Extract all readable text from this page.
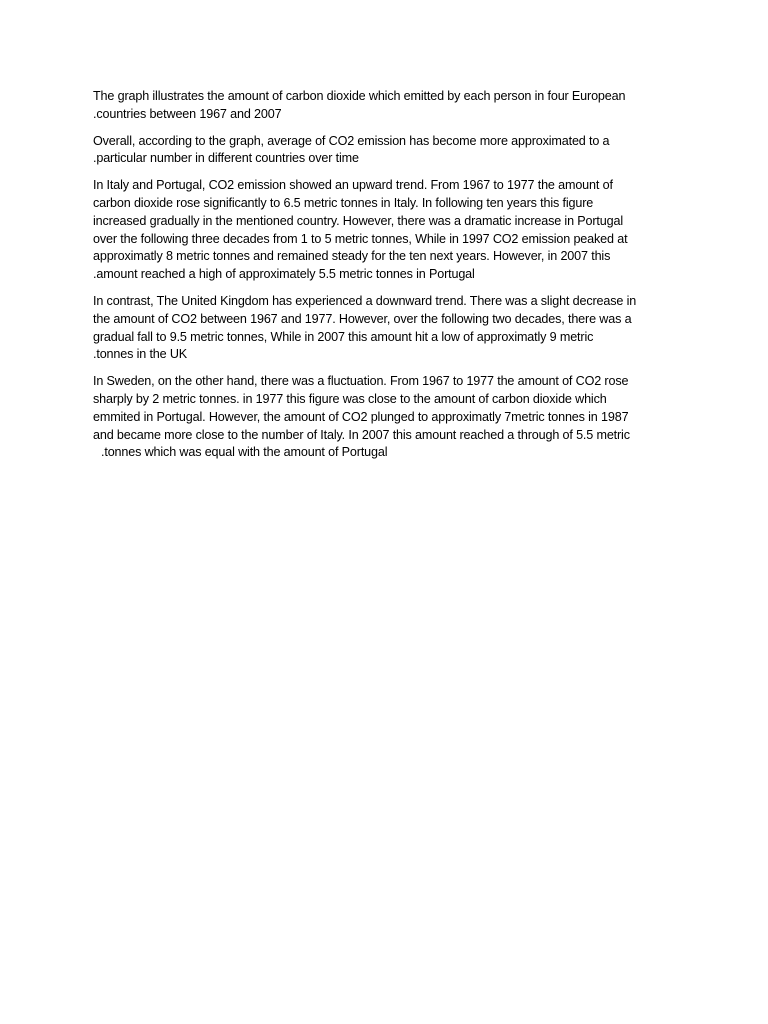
The graph illustrates the amount of carbon dioxide which emitted by each person in four European
.countries between 1967 and 2007

Overall, according to the graph, average of CO2 emission has become more approximated to a
.particular number in different countries over time

In Italy and Portugal, CO2 emission showed an upward trend. From 1967 to 1977 the amount of
carbon dioxide rose significantly to 6.5 metric tonnes in Italy. In following ten years this figure
increased gradually in the mentioned country. However, there was a dramatic increase in Portugal
over the following three decades from 1 to 5 metric tonnes, While in 1997 CO2 emission peaked at
approximatly 8 metric tonnes and remained steady for the ten next years. However, in 2007 this
.amount reached a high of approximately 5.5 metric tonnes in Portugal

In contrast, The United Kingdom has experienced a downward trend. There was a slight decrease in
the amount of CO2 between 1967 and 1977. However, over the following two decades, there was a
gradual fall to 9.5 metric tonnes, While in 2007 this amount hit a low of approximatly 9 metric
.tonnes in the UK

In Sweden, on the other hand, there was a fluctuation. From 1967 to 1977 the amount of CO2 rose
sharply by 2 metric tonnes. in 1977 this figure was close to the amount of carbon dioxide which
emmited in Portugal. However, the amount of CO2 plunged to approximatly 7metric tonnes in 1987
and became more close to the number of Italy. In 2007 this amount reached a through of 5.5 metric
.tonnes which was equal with the amount of Portugal
